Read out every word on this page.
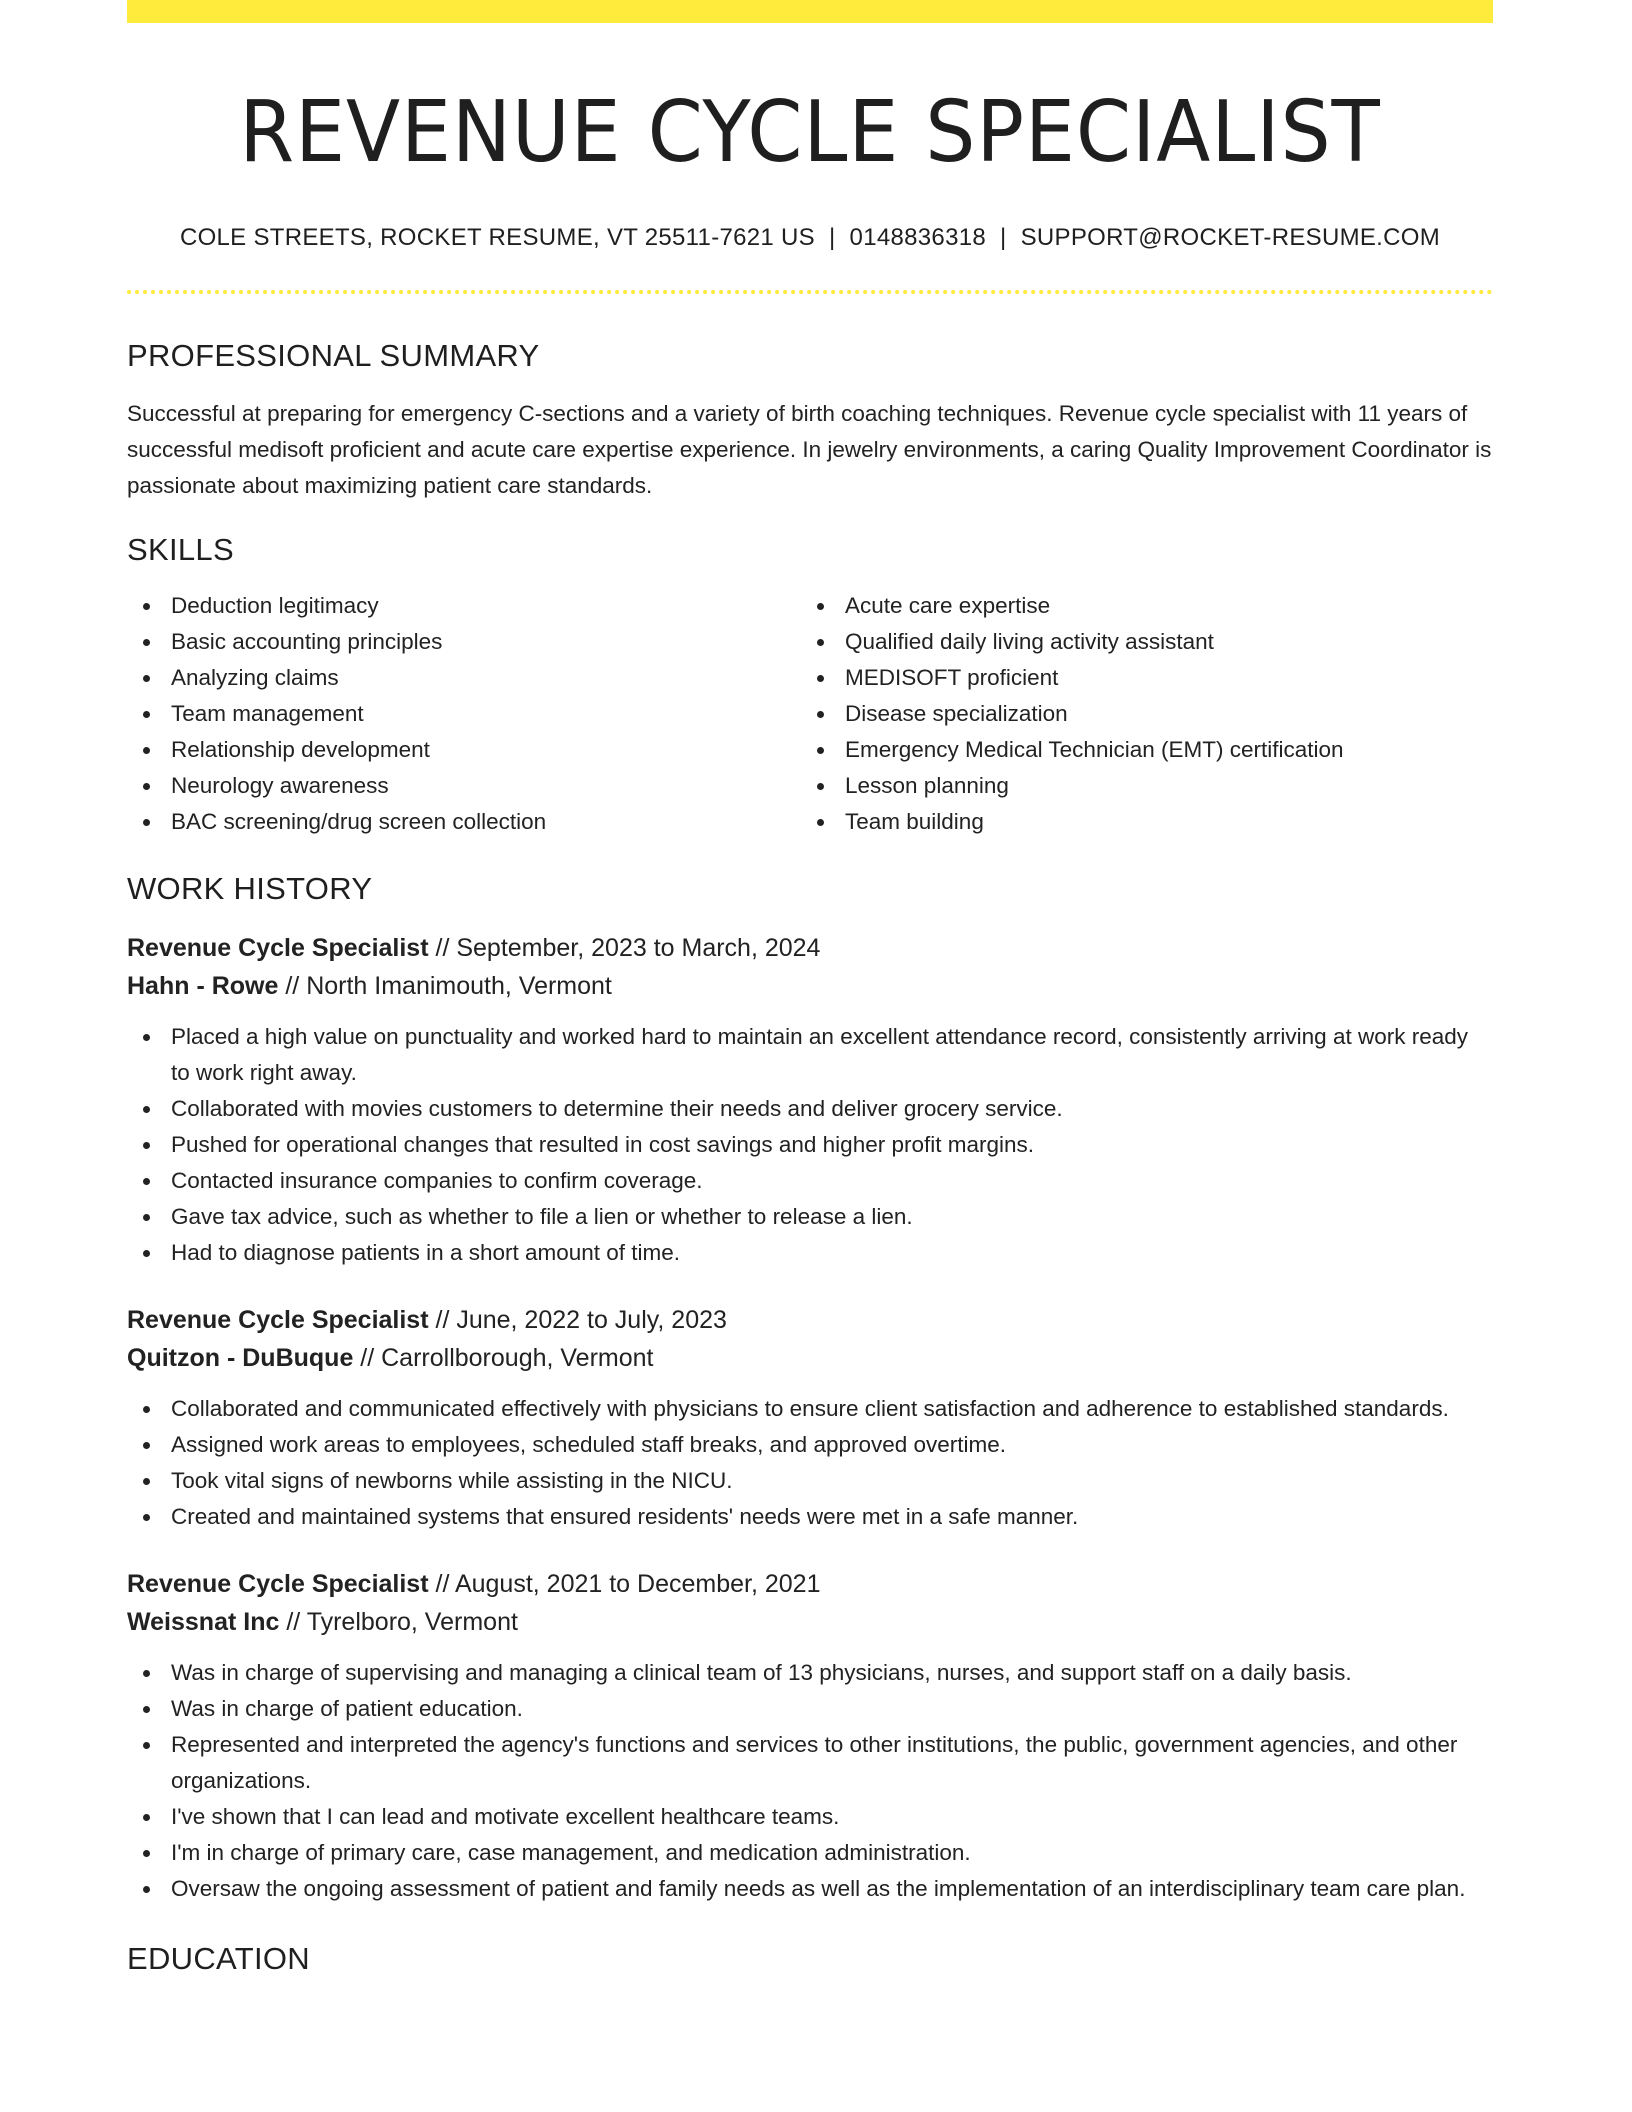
REVENUE CYCLE SPECIALIST
COLE STREETS, ROCKET RESUME, VT 25511-7621 US | 0148836318 | SUPPORT@ROCKET-RESUME.COM
PROFESSIONAL SUMMARY
Successful at preparing for emergency C-sections and a variety of birth coaching techniques. Revenue cycle specialist with 11 years of successful medisoft proficient and acute care expertise experience. In jewelry environments, a caring Quality Improvement Coordinator is passionate about maximizing patient care standards.
SKILLS
Deduction legitimacy
Basic accounting principles
Analyzing claims
Team management
Relationship development
Neurology awareness
BAC screening/drug screen collection
Acute care expertise
Qualified daily living activity assistant
MEDISOFT proficient
Disease specialization
Emergency Medical Technician (EMT) certification
Lesson planning
Team building
WORK HISTORY
Revenue Cycle Specialist // September, 2023 to March, 2024
Hahn - Rowe // North Imanimouth, Vermont
Placed a high value on punctuality and worked hard to maintain an excellent attendance record, consistently arriving at work ready to work right away.
Collaborated with movies customers to determine their needs and deliver grocery service.
Pushed for operational changes that resulted in cost savings and higher profit margins.
Contacted insurance companies to confirm coverage.
Gave tax advice, such as whether to file a lien or whether to release a lien.
Had to diagnose patients in a short amount of time.
Revenue Cycle Specialist // June, 2022 to July, 2023
Quitzon - DuBuque // Carrollborough, Vermont
Collaborated and communicated effectively with physicians to ensure client satisfaction and adherence to established standards.
Assigned work areas to employees, scheduled staff breaks, and approved overtime.
Took vital signs of newborns while assisting in the NICU.
Created and maintained systems that ensured residents' needs were met in a safe manner.
Revenue Cycle Specialist // August, 2021 to December, 2021
Weissnat Inc // Tyrelboro, Vermont
Was in charge of supervising and managing a clinical team of 13 physicians, nurses, and support staff on a daily basis.
Was in charge of patient education.
Represented and interpreted the agency's functions and services to other institutions, the public, government agencies, and other organizations.
I've shown that I can lead and motivate excellent healthcare teams.
I'm in charge of primary care, case management, and medication administration.
Oversaw the ongoing assessment of patient and family needs as well as the implementation of an interdisciplinary team care plan.
EDUCATION
